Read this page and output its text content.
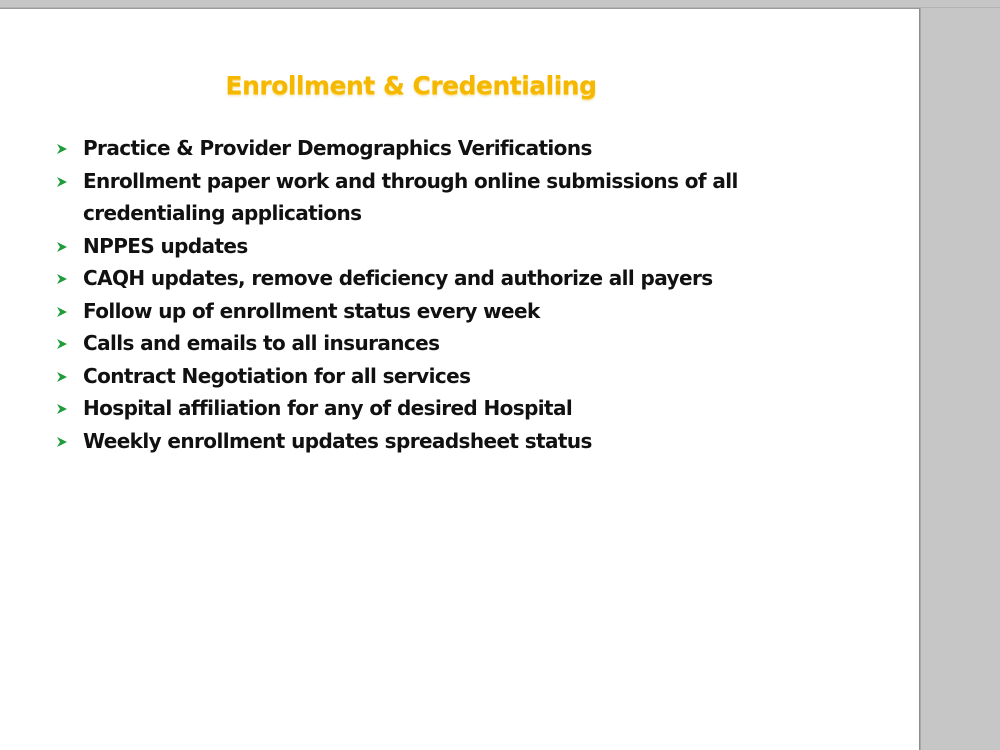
Enrollment & Credentialing
Practice & Provider Demographics Verifications
Enrollment paper work and through online submissions of all credentialing applications
NPPES updates
CAQH updates, remove deficiency and authorize all payers
Follow up of enrollment status every week
Calls and emails to all insurances
Contract Negotiation for all services
Hospital affiliation for any of desired Hospital
Weekly enrollment updates spreadsheet status
